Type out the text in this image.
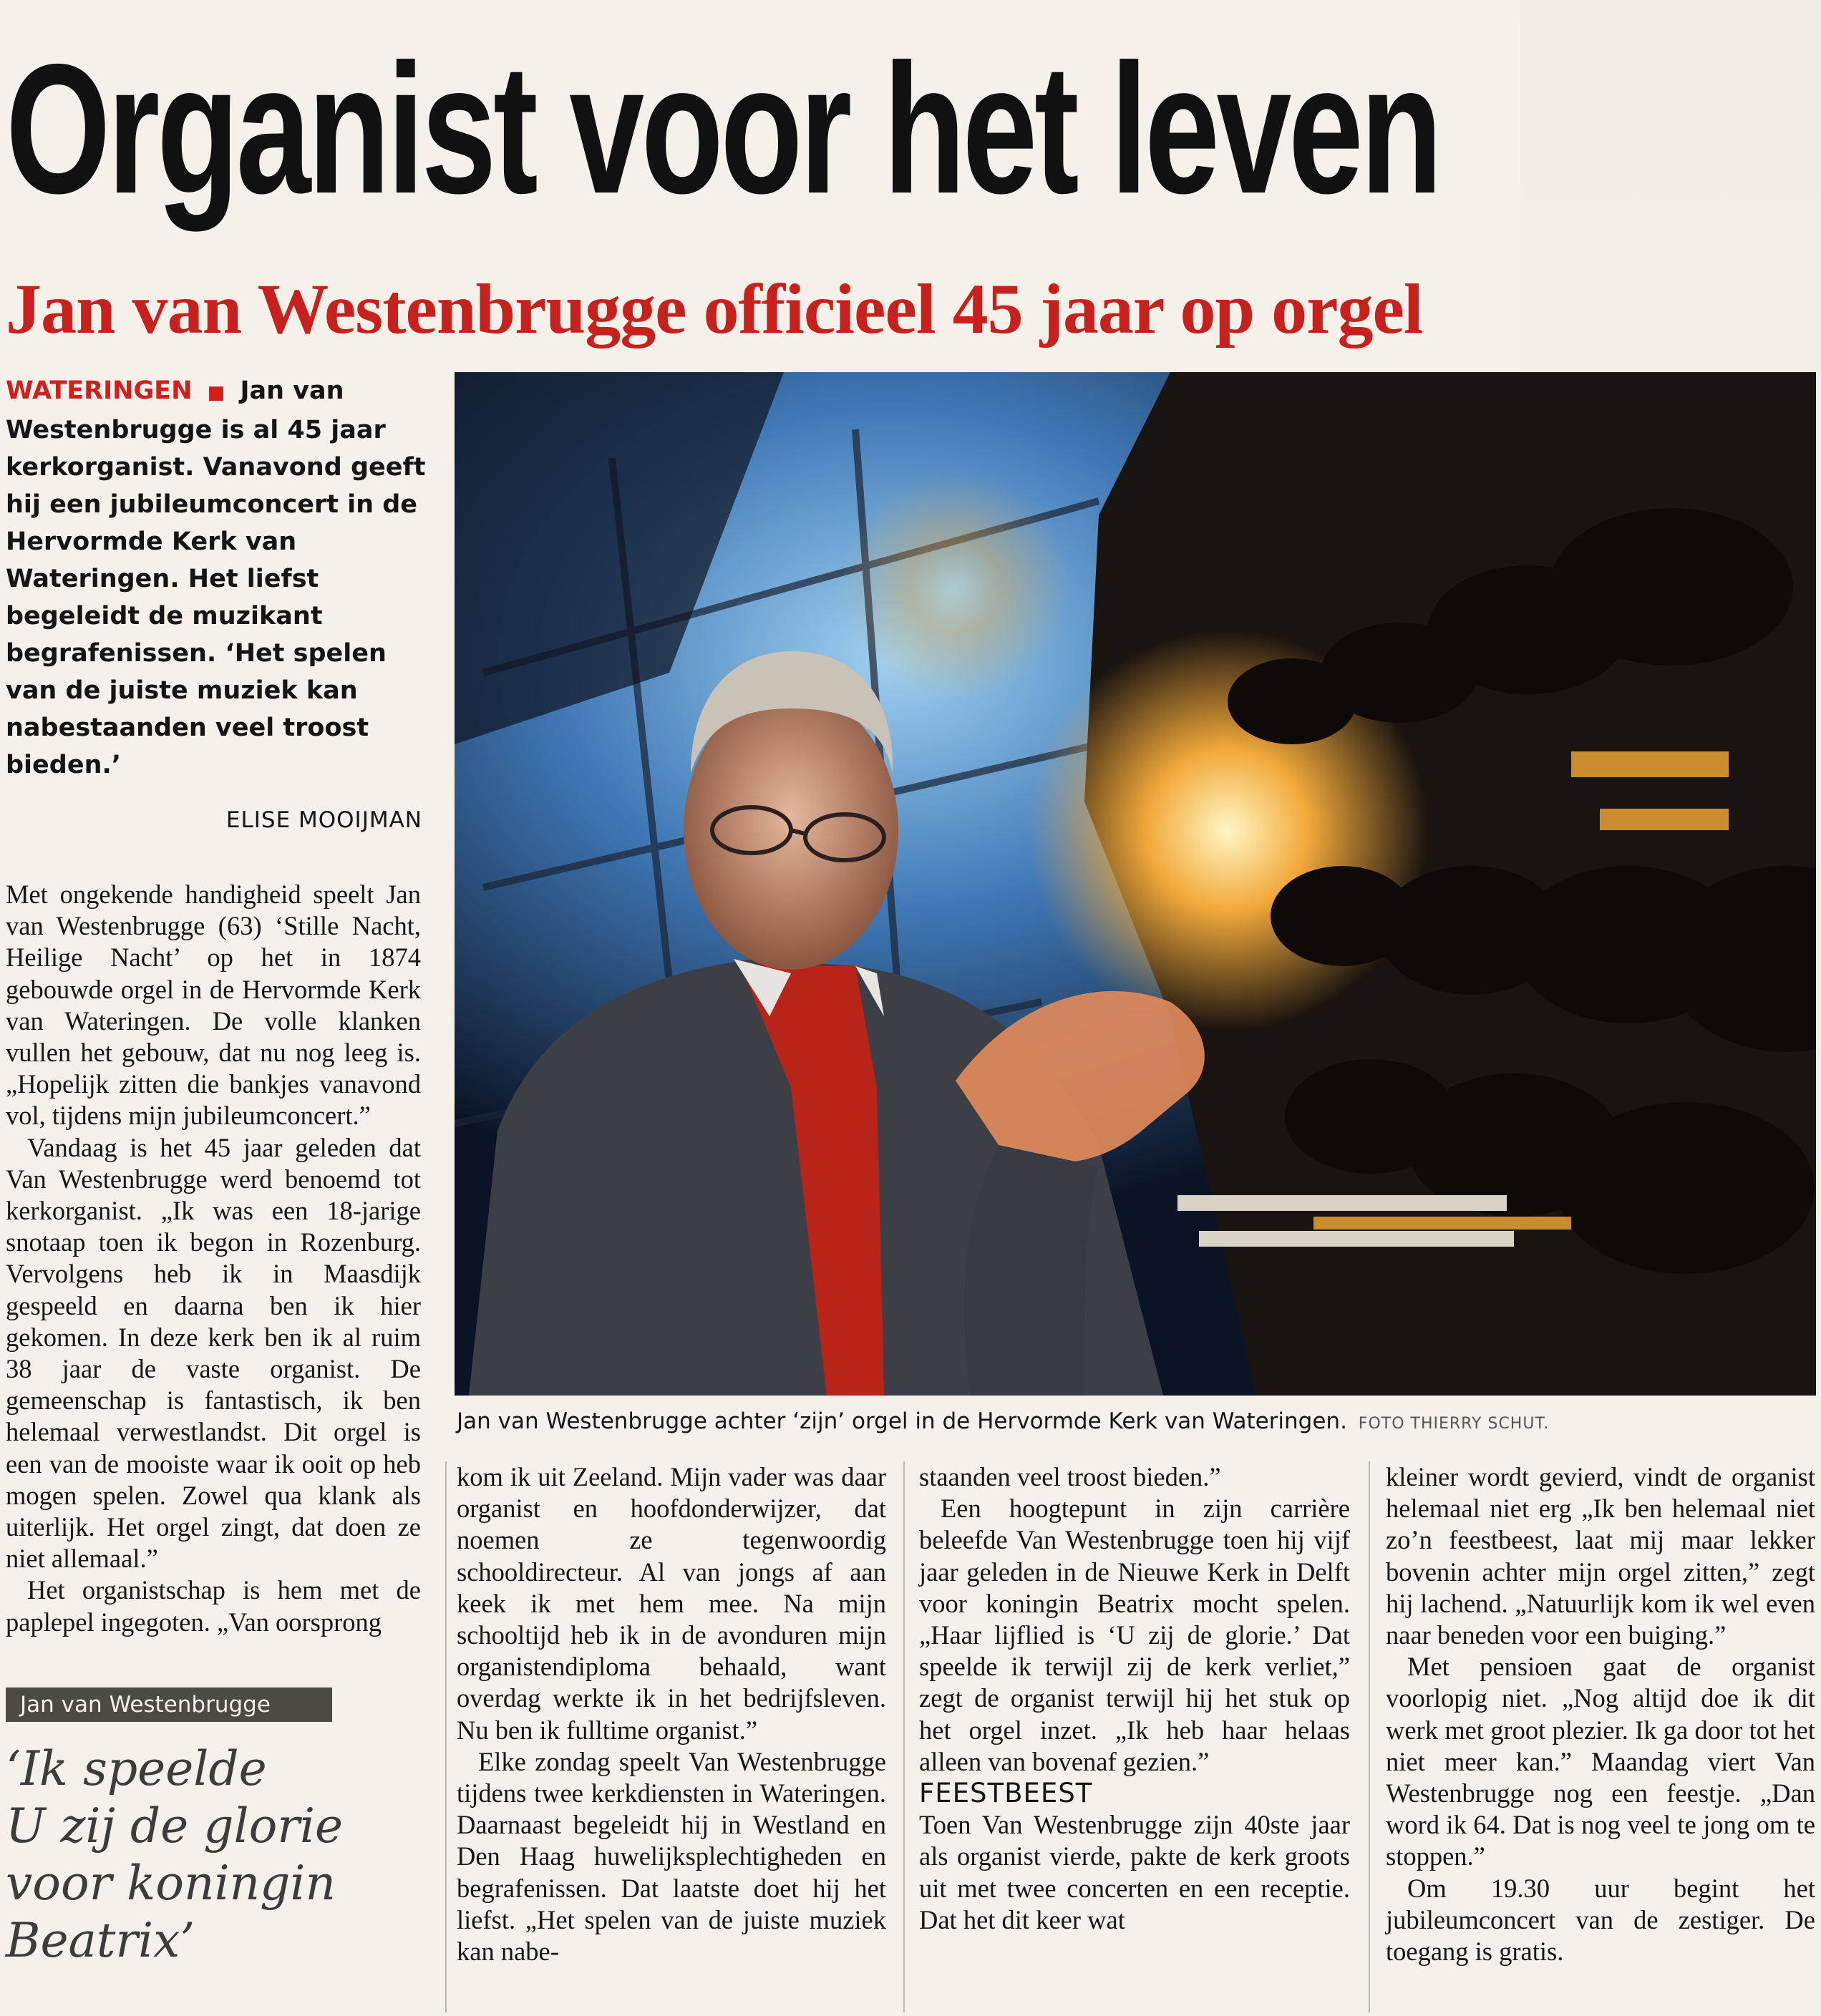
Organist voor het leven
Jan van Westenbrugge officieel 45 jaar op orgel
WATERINGEN  ■  Jan van Westenbrugge is al 45 jaar kerkorganist. Vanavond geeft hij een jubileumconcert in de Hervormde Kerk van Wateringen. Het liefst begeleidt de muzikant begrafenissen. ‘Het spelen van de juiste muziek kan nabestaanden veel troost bieden.’
ELISE MOOIJMAN

Met ongekende handigheid speelt Jan van Westenbrugge (63) ‘Stille Nacht, Heilige Nacht’ op het in 1874 gebouwde orgel in de Hervormde Kerk van Wateringen. De volle klanken vullen het gebouw, dat nu nog leeg is. „Hopelijk zitten die bankjes vanavond vol, tijdens mijn jubileumconcert.”

Vandaag is het 45 jaar geleden dat Van Westenbrugge werd benoemd tot kerkorganist. „Ik was een 18-jarige snotaap toen ik begon in Rozenburg. Vervolgens heb ik in Maasdijk gespeeld en daarna ben ik hier gekomen. In deze kerk ben ik al ruim 38 jaar de vaste organist. De gemeenschap is fantastisch, ik ben helemaal verwestlandst. Dit orgel is een van de mooiste waar ik ooit op heb mogen spelen. Zowel qua klank als uiterlijk. Het orgel zingt, dat doen ze niet allemaal.”

Het organistschap is hem met de paplepel ingegoten. „Van oorsprong

Jan van Westenbrugge achter ‘zijn’ orgel in de Hervormde Kerk van Wateringen. FOTO THIERRY SCHUT.

kom ik uit Zeeland. Mijn vader was daar organist en hoofdonderwijzer, dat noemen ze tegenwoordig schooldirecteur. Al van jongs af aan keek ik met hem mee. Na mijn schooltijd heb ik in de avonduren mijn organistendiploma behaald, want overdag werkte ik in het bedrijfsleven. Nu ben ik fulltime organist.”

Elke zondag speelt Van Westenbrugge tijdens twee kerkdiensten in Wateringen. Daarnaast begeleidt hij in Westland en Den Haag huwelijksplechtigheden en begrafenissen. Dat laatste doet hij het liefst. „Het spelen van de juiste muziek kan nabe-

staanden veel troost bieden.”

Een hoogtepunt in zijn carrière beleefde Van Westenbrugge toen hij vijf jaar geleden in de Nieuwe Kerk in Delft voor koningin Beatrix mocht spelen. „Haar lijflied is ‘U zij de glorie.’ Dat speelde ik terwijl zij de kerk verliet,” zegt de organist terwijl hij het stuk op het orgel inzet. „Ik heb haar helaas alleen van bovenaf gezien.”

FEESTBEEST

Toen Van Westenbrugge zijn 40ste jaar als organist vierde, pakte de kerk groots uit met twee concerten en een receptie. Dat het dit keer wat

kleiner wordt gevierd, vindt de organist helemaal niet erg „Ik ben helemaal niet zo’n feestbeest, laat mij maar lekker bovenin achter mijn orgel zitten,” zegt hij lachend. „Natuurlijk kom ik wel even naar beneden voor een buiging.”

Met pensioen gaat de organist voorlopig niet. „Nog altijd doe ik dit werk met groot plezier. Ik ga door tot het niet meer kan.” Maandag viert Van Westenbrugge nog een feestje. „Dan word ik 64. Dat is nog veel te jong om te stoppen.”

Om 19.30 uur begint het jubileumconcert van de zestiger. De toegang is gratis.

Jan van Westenbrugge
‘Ik speelde
U zij de glorie
voor koningin
Beatrix’
